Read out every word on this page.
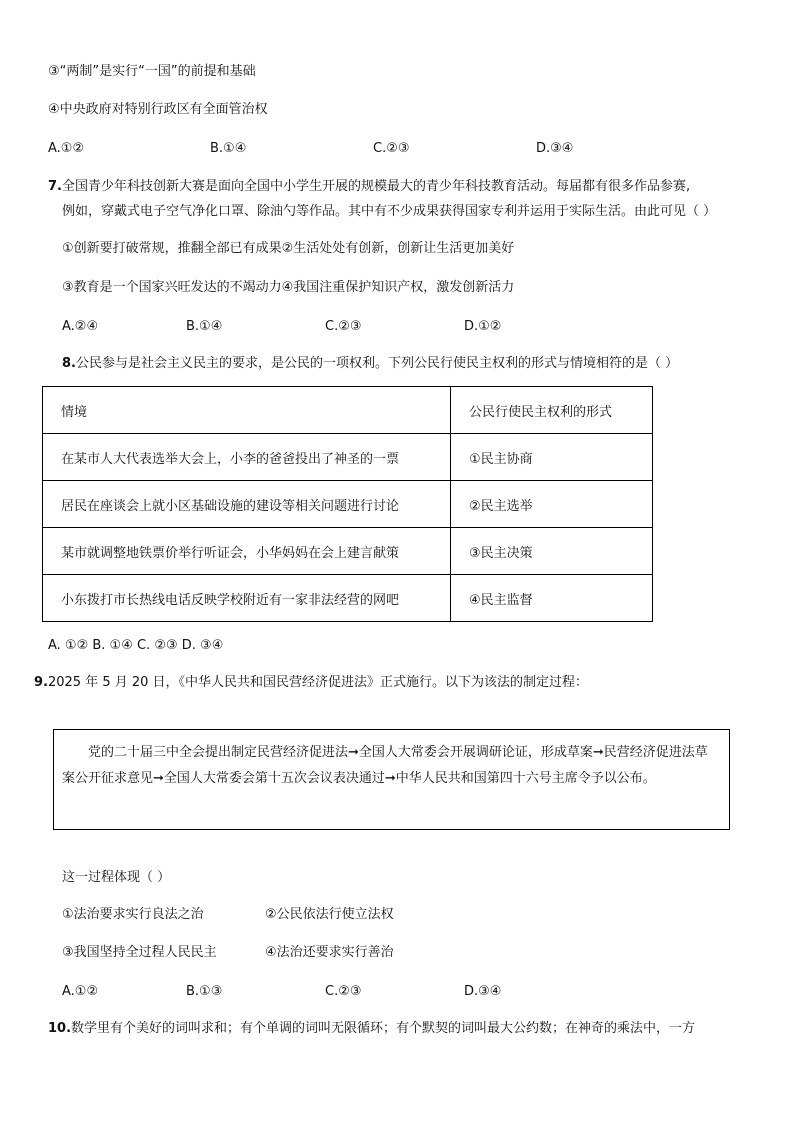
③“两制”是实行“一国”的前提和基础
④中央政府对特别行政区有全面管治权
A.①②	B.①④	C.②③	D.③④
7.全国青少年科技创新大赛是面向全国中小学生开展的规模最大的青少年科技教育活动。每届都有很多作品参赛,
例如，穿戴式电子空气净化口罩、除油勺等作品。其中有不少成果获得国家专利并运用于实际生活。由此可见（ ）
①创新要打破常规，推翻全部已有成果②生活处处有创新，创新让生活更加美好
③教育是一个国家兴旺发达的不竭动力④我国注重保护知识产权，激发创新活力
A.②④	B.①④	C.②③	D.①②
8.公民参与是社会主义民主的要求，是公民的一项权利。下列公民行使民主权利的形式与情境相符的是（ ）
情境	公民行使民主权利的形式
在某市人大代表选举大会上，小李的爸爸投出了神圣的一票	①民主协商
居民在座谈会上就小区基础设施的建设等相关问题进行讨论	②民主选举
某市就调整地铁票价举行听证会，小华妈妈在会上建言献策	③民主决策
小东拨打市长热线电话反映学校附近有一家非法经营的网吧	④民主监督
A. ①② B. ①④ C. ②③ D. ③④
9.2025 年 5 月 20 日，《中华人民共和国民营经济促进法》正式施行。以下为该法的制定过程：
党的二十届三中全会提出制定民营经济促进法➞全国人大常委会开展调研论证，形成草案➞民营经济促进法草案公开征求意见➞全国人大常委会第十五次会议表决通过➞中华人民共和国第四十六号主席令予以公布。
这一过程体现（ ）
①法治要求实行良法之治	②公民依法行使立法权
③我国坚持全过程人民民主	④法治还要求实行善治
A.①②	B.①③	C.②③	D.③④
10.数学里有个美好的词叫求和；有个单调的词叫无限循环；有个默契的词叫最大公约数；在神奇的乘法中，一方
